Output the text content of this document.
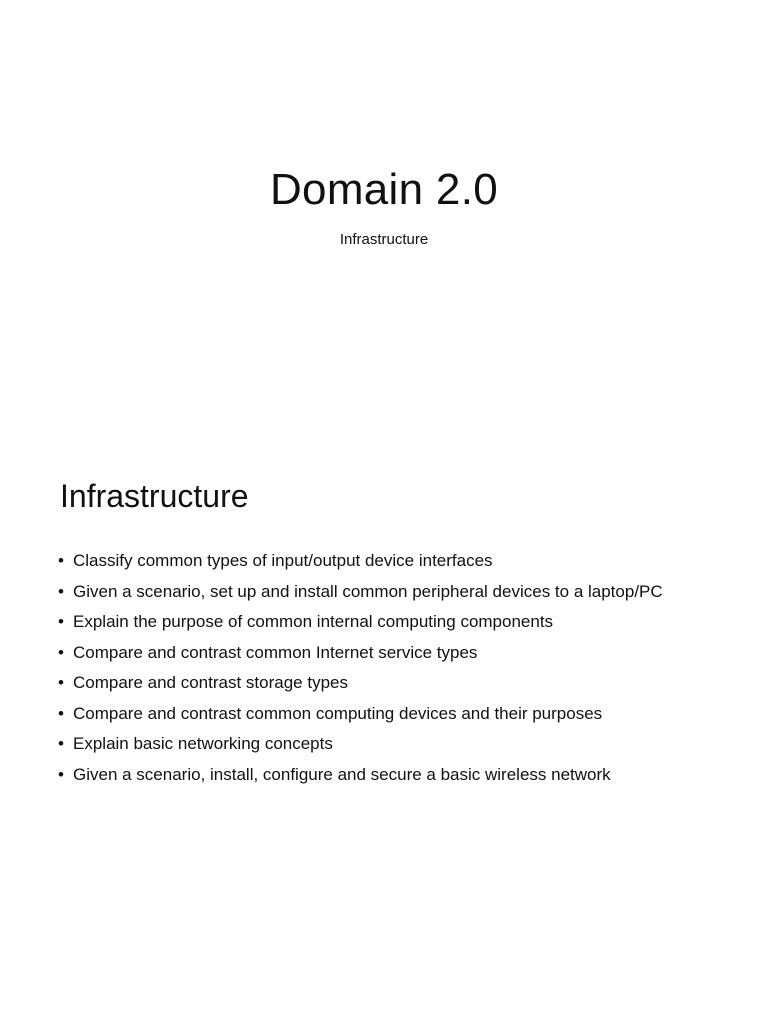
Domain 2.0

Infrastructure

Infrastructure
• Classify common types of input/output device interfaces
• Given a scenario, set up and install common peripheral devices to a laptop/PC
• Explain the purpose of common internal computing components
• Compare and contrast common Internet service types
• Compare and contrast storage types
• Compare and contrast common computing devices and their purposes
• Explain basic networking concepts
• Given a scenario, install, configure and secure a basic wireless network
